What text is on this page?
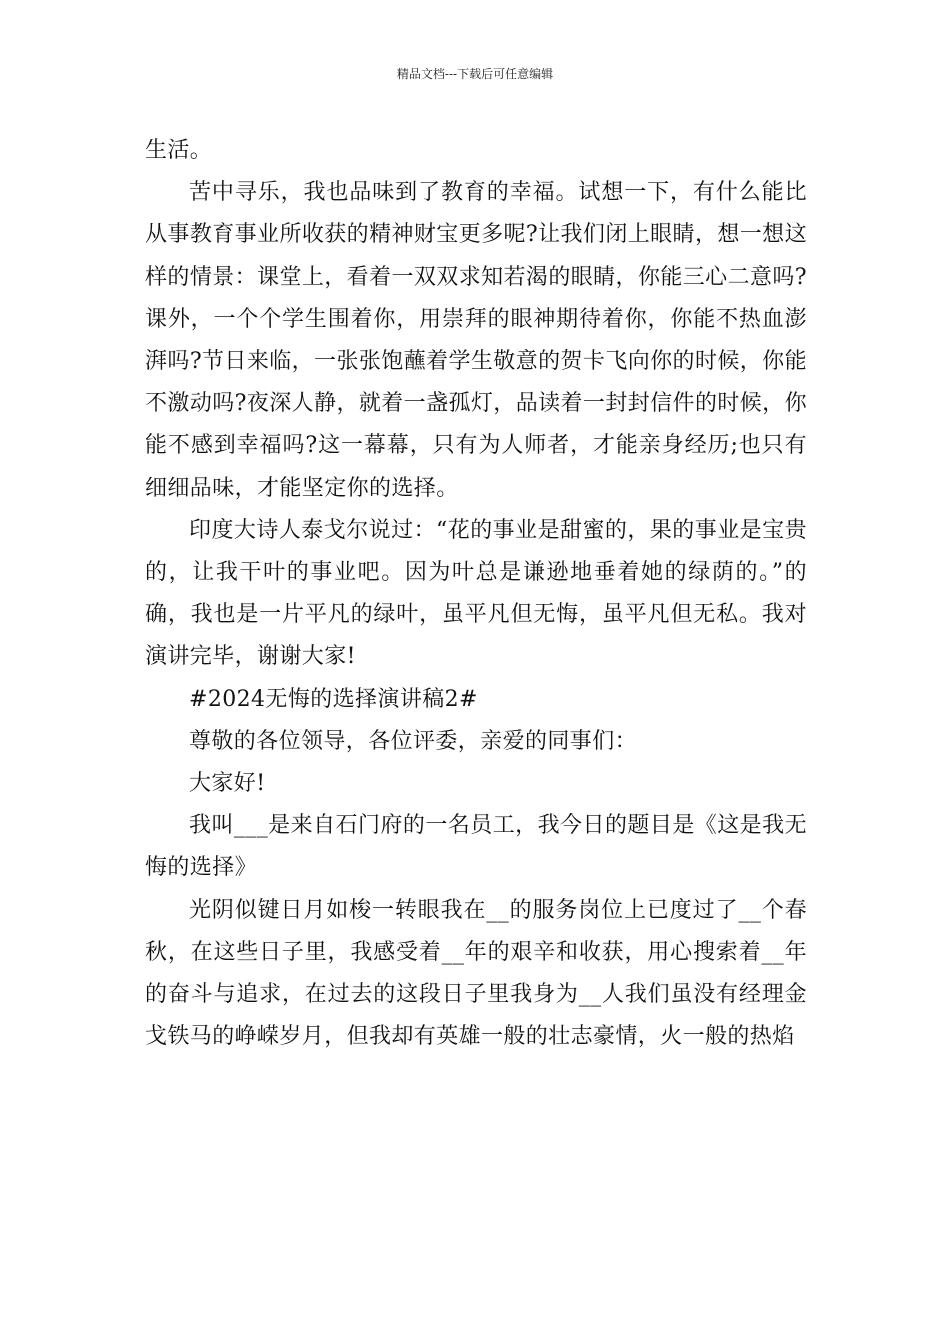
精品文档---下载后可任意编辑

生活。

苦中寻乐，我也品味到了教育的幸福。试想一下，有什么能比从事教育事业所收获的精神财宝更多呢?让我们闭上眼睛，想一想这样的情景：课堂上，看着一双双求知若渴的眼睛，你能三心二意吗?课外，一个个学生围着你，用崇拜的眼神期待着你，你能不热血澎湃吗?节日来临，一张张饱蘸着学生敬意的贺卡飞向你的时候，你能不激动吗?夜深人静，就着一盏孤灯，品读着一封封信件的时候，你能不感到幸福吗?这一幕幕，只有为人师者，才能亲身经历;也只有细细品味，才能坚定你的选择。

印度大诗人泰戈尔说过：“花的事业是甜蜜的，果的事业是宝贵的，让我干叶的事业吧。因为叶总是谦逊地垂着她的绿荫的。”的确，我也是一片平凡的绿叶，虽平凡但无悔，虽平凡但无私。我对演讲完毕，谢谢大家!

#2024无悔的选择演讲稿2#

尊敬的各位领导，各位评委，亲爱的同事们：

大家好!

我叫___是来自石门府的一名员工，我今日的题目是《这是我无悔的选择》

光阴似键日月如梭一转眼我在__的服务岗位上已度过了__个春秋，在这些日子里，我感受着__年的艰辛和收获，用心搜索着__年的奋斗与追求，在过去的这段日子里我身为__人我们虽没有经理金戈铁马的峥嵘岁月，但我却有英雄一般的壮志豪情，火一般的热焰
